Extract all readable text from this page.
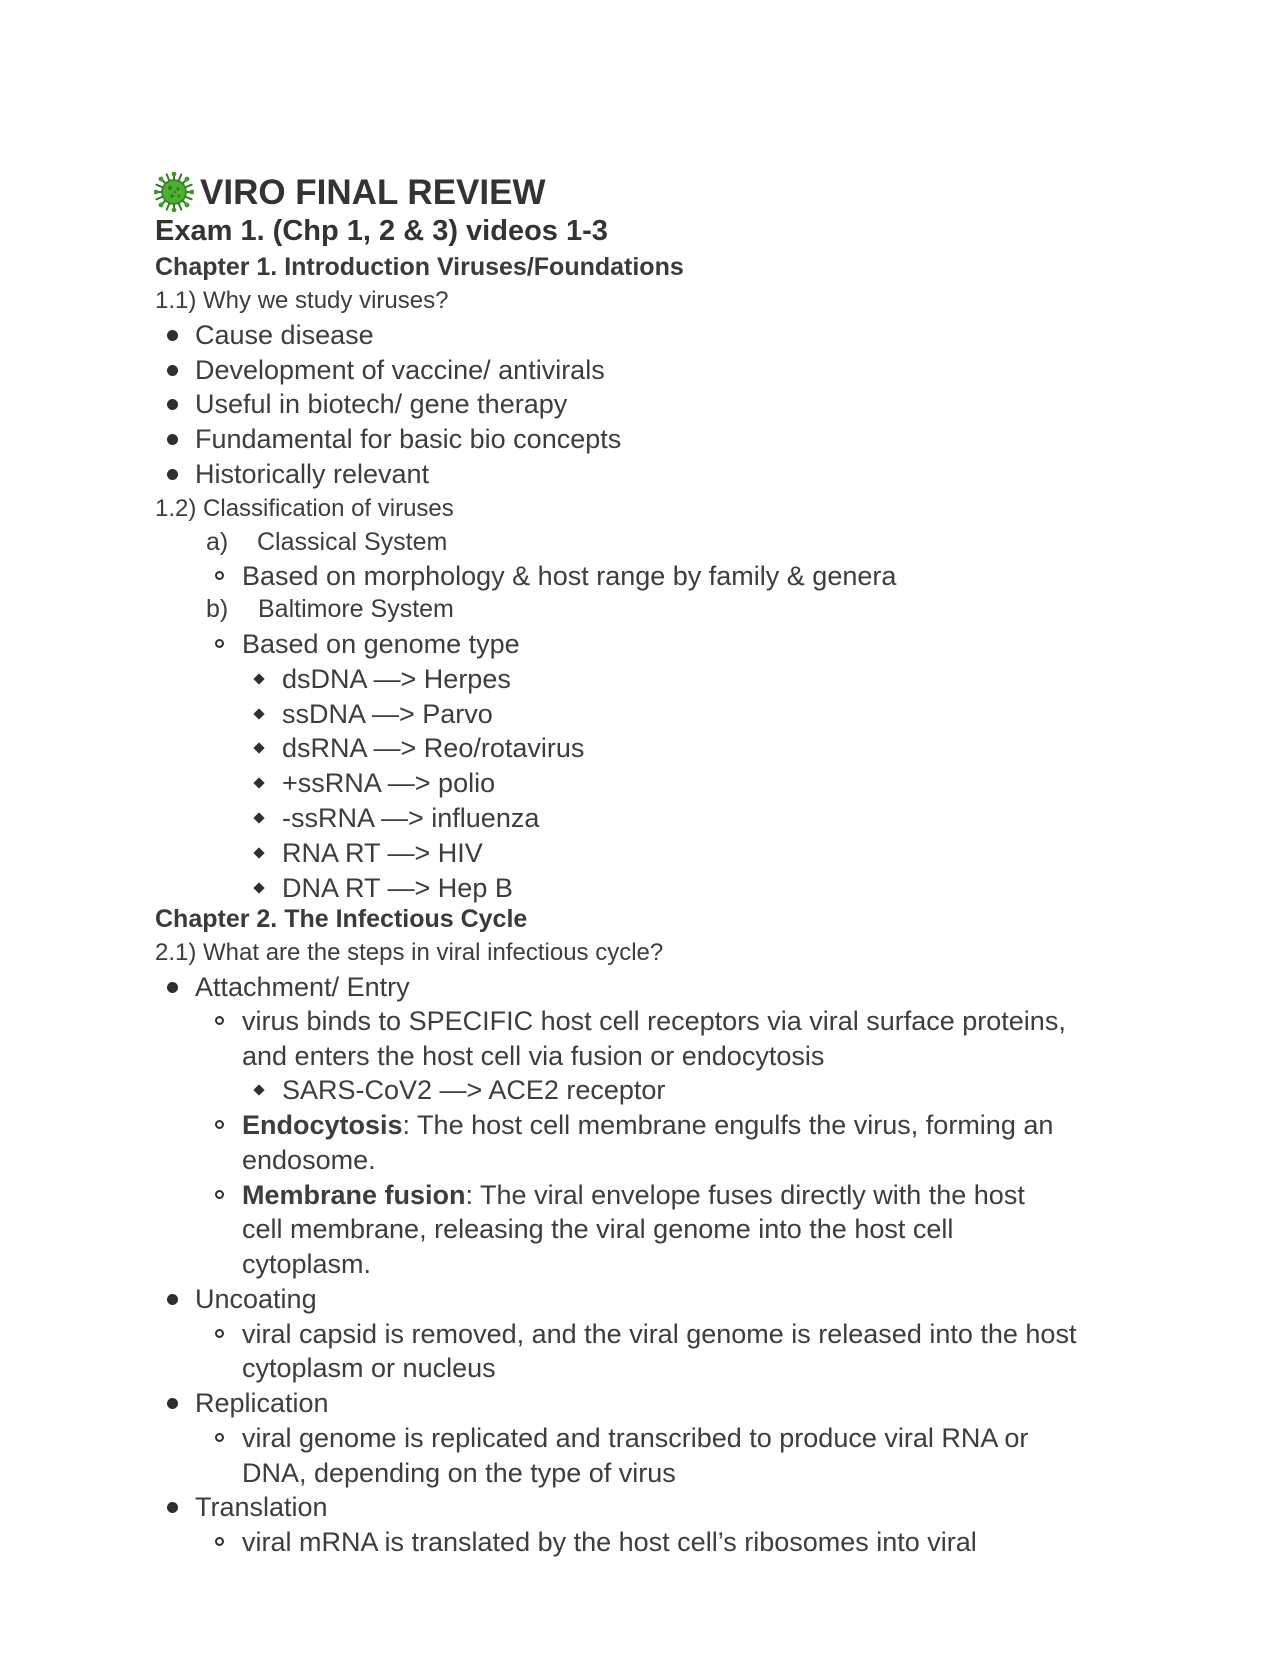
VIRO FINAL REVIEW
Exam 1. (Chp 1, 2 & 3) videos 1-3
Chapter 1. Introduction Viruses/Foundations
1.1) Why we study viruses?
Cause disease
Development of vaccine/ antivirals
Useful in biotech/ gene therapy
Fundamental for basic bio concepts
Historically relevant
1.2) Classification of viruses
a) Classical System
Based on morphology & host range by family & genera
b) Baltimore System
Based on genome type
dsDNA —> Herpes
ssDNA —> Parvo
dsRNA —> Reo/rotavirus
+ssRNA —> polio
-ssRNA —> influenza
RNA RT —> HIV
DNA RT —> Hep B
Chapter 2. The Infectious Cycle
2.1) What are the steps in viral infectious cycle?
Attachment/ Entry
virus binds to SPECIFIC host cell receptors via viral surface proteins,
and enters the host cell via fusion or endocytosis
SARS-CoV2 —> ACE2 receptor
Endocytosis: The host cell membrane engulfs the virus, forming an
endosome.
Membrane fusion: The viral envelope fuses directly with the host
cell membrane, releasing the viral genome into the host cell
cytoplasm.
Uncoating
viral capsid is removed, and the viral genome is released into the host
cytoplasm or nucleus
Replication
viral genome is replicated and transcribed to produce viral RNA or
DNA, depending on the type of virus
Translation
viral mRNA is translated by the host cell’s ribosomes into viral
